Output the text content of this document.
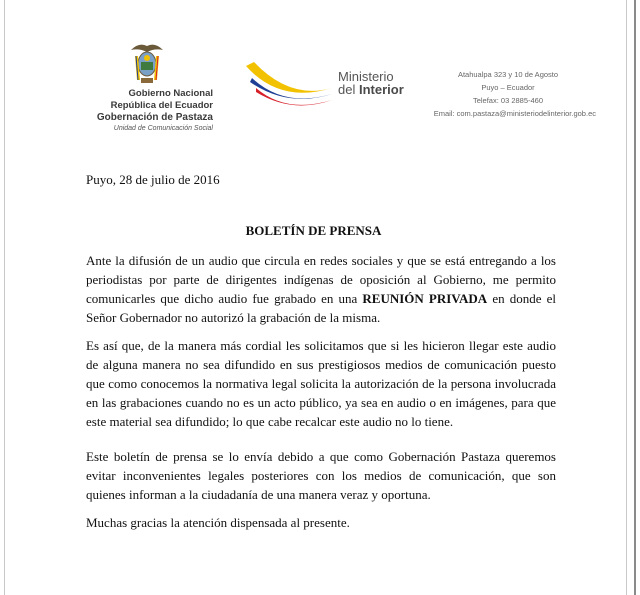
Gobierno Nacional
República del Ecuador
Gobernación de Pastaza
Unidad de Comunicación Social
Ministerio
del Interior
Atahualpa 323 y 10 de Agosto
Puyo – Ecuador
Telefax: 03 2885-460
Email: com.pastaza@ministeriodelinterior.gob.ec
Puyo, 28 de julio de 2016
BOLETÍN DE PRENSA
Ante la difusión de un audio que circula en redes sociales y que se está entregando a los periodistas por parte de dirigentes indígenas de oposición al Gobierno, me permito comunicarles que dicho audio fue grabado en una REUNIÓN PRIVADA en donde el Señor Gobernador no autorizó la grabación de la misma.
Es así que, de la manera más cordial les solicitamos que si les hicieron llegar este audio de alguna manera no sea difundido en sus prestigiosos medios de comunicación puesto que como conocemos la normativa legal solicita la autorización de la persona involucrada en las grabaciones cuando no es un acto público, ya sea en audio o en imágenes, para que este material sea difundido; lo que cabe recalcar este audio no lo tiene.
Este boletín de prensa se lo envía debido a que como Gobernación Pastaza queremos evitar inconvenientes legales posteriores con los medios de comunicación, que son quienes informan a la ciudadanía de una manera veraz y oportuna.
Muchas gracias la atención dispensada al presente.
